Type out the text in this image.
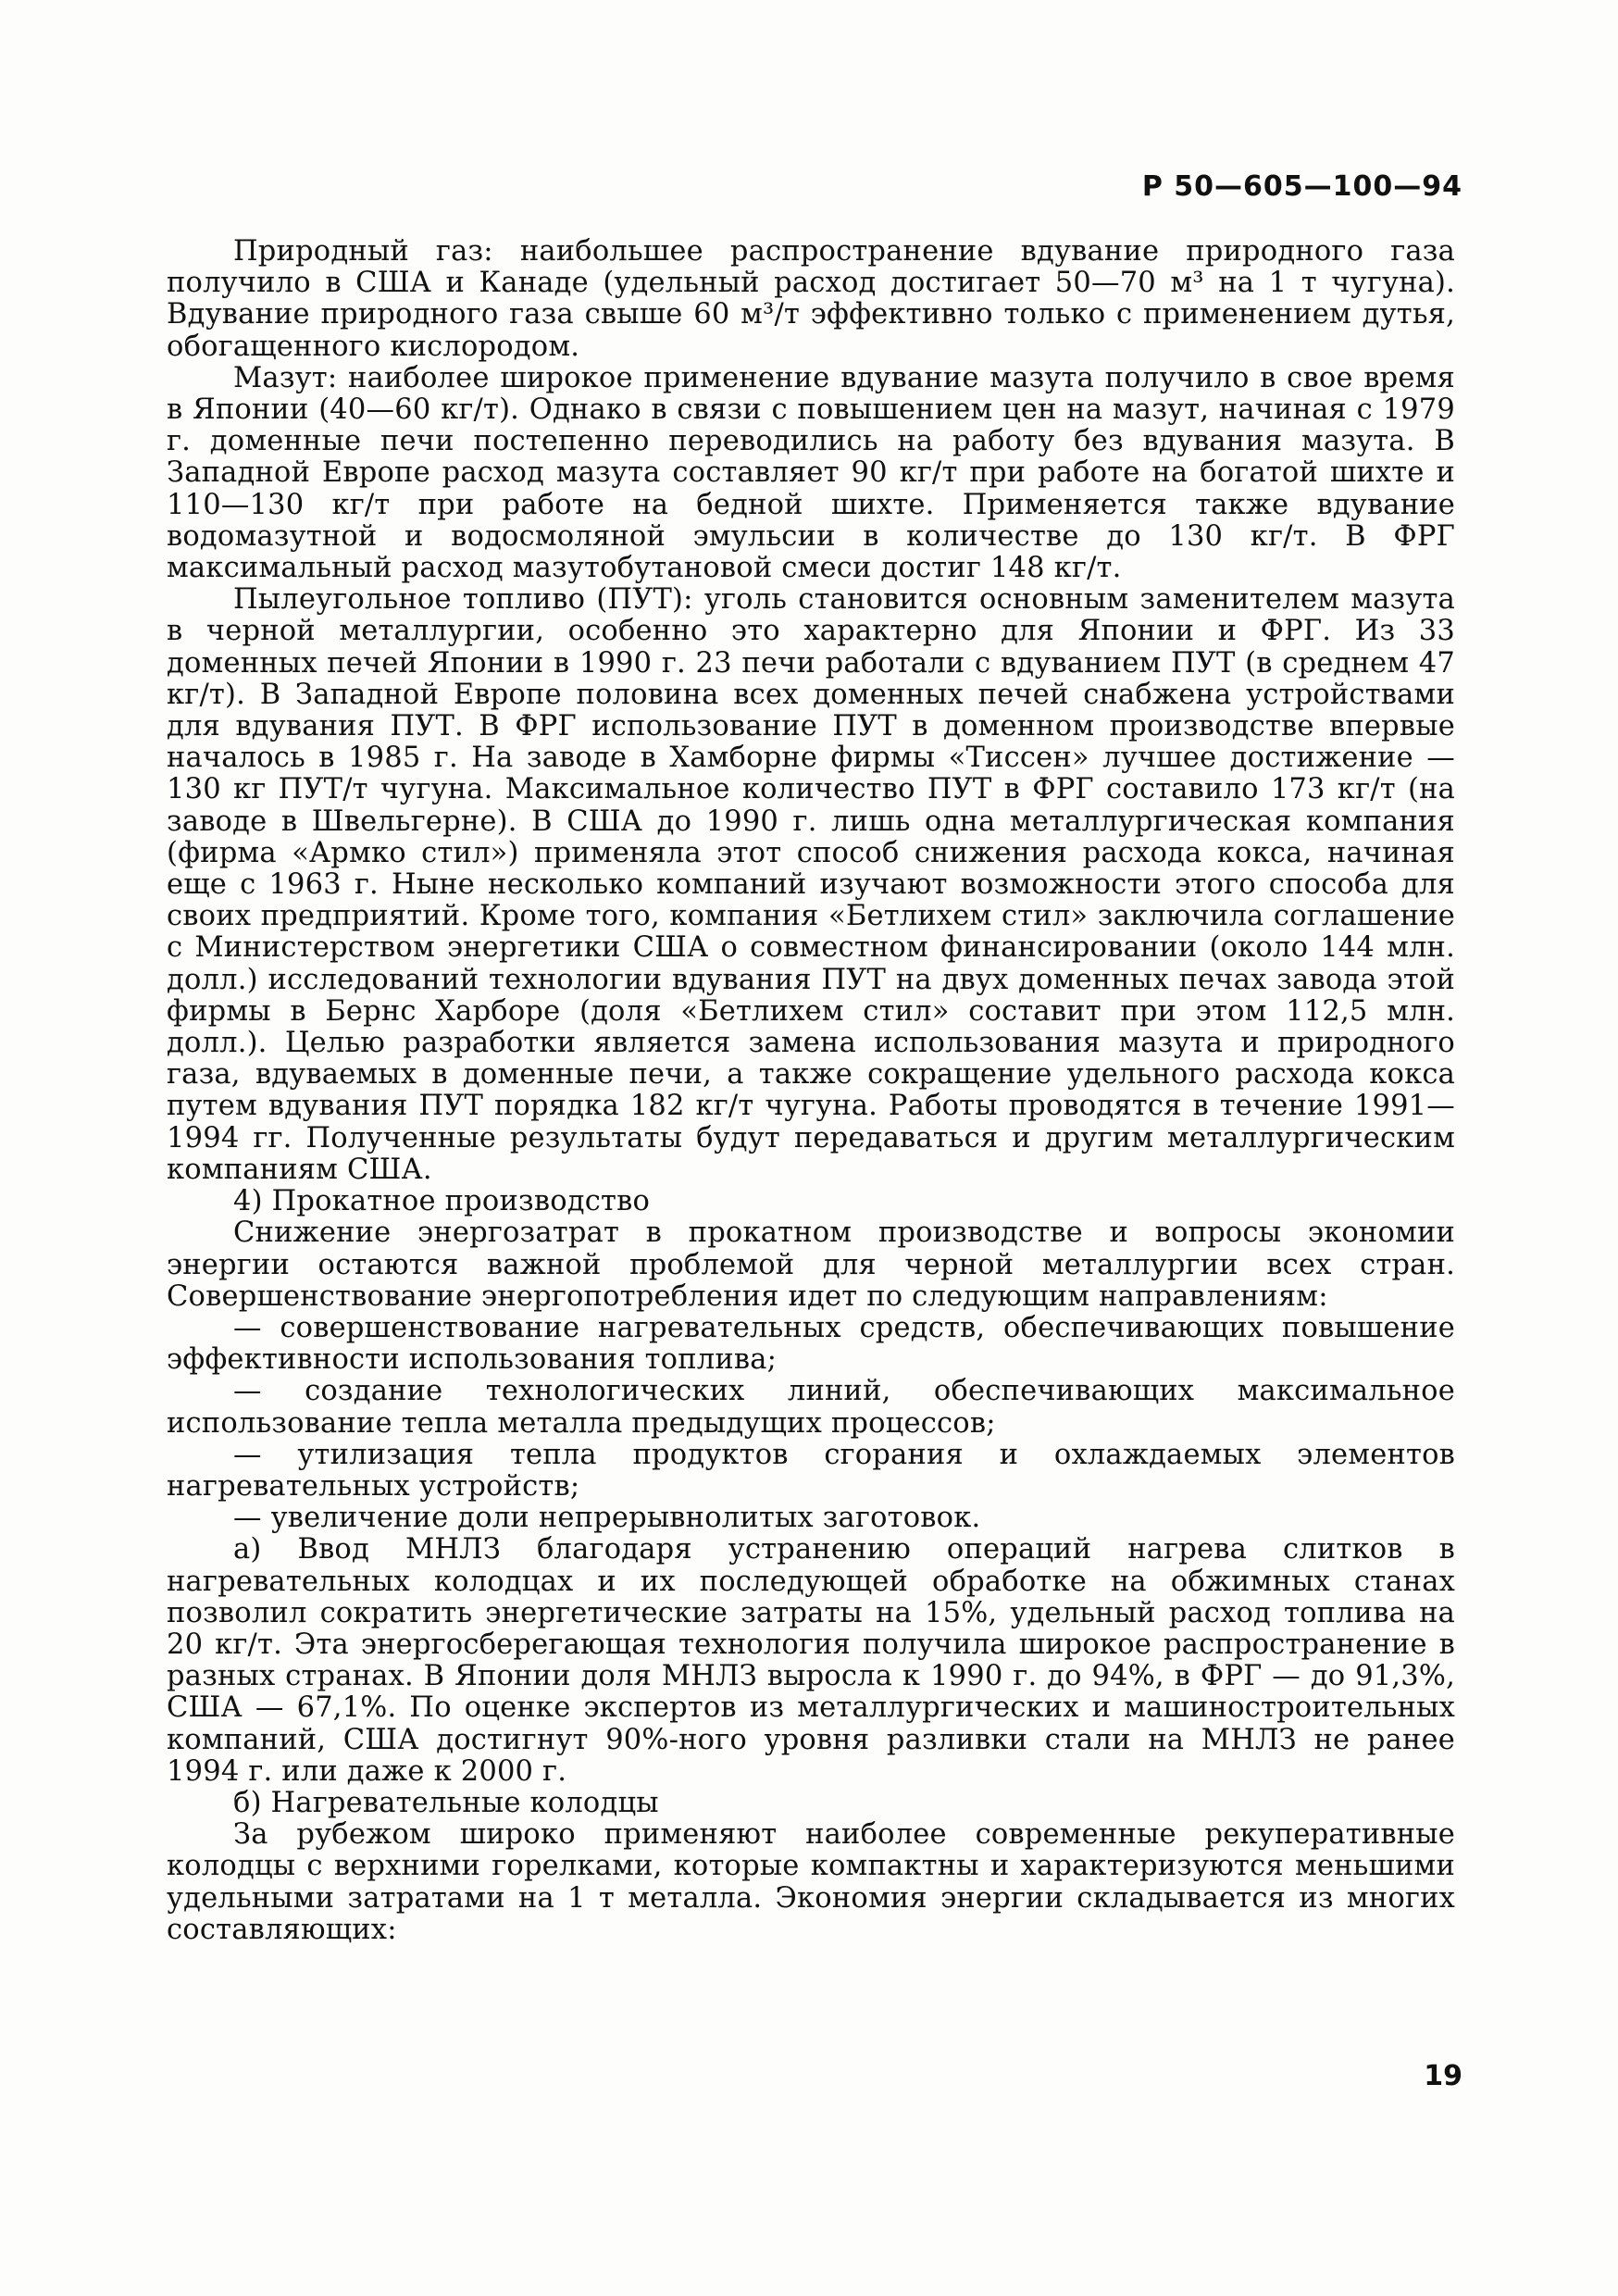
Р 50—605—100—94

Природный газ: наибольшее распространение вдувание природного газа получило в США и Канаде (удельный расход достигает 50—70 м³ на 1 т чугуна). Вдувание природного газа свыше 60 м³/т эффективно только с применением дутья, обогащенного кислородом.

Мазут: наиболее широкое применение вдувание мазута получило в свое время в Японии (40—60 кг/т). Однако в связи с повышением цен на мазут, начиная с 1979 г. доменные печи постепенно переводились на работу без вдувания мазута. В Западной Европе расход мазута составляет 90 кг/т при работе на богатой шихте и 110—130 кг/т при работе на бедной шихте. Применяется также вдувание водомазутной и водосмоляной эмульсии в количестве до 130 кг/т. В ФРГ максимальный расход мазутобутановой смеси достиг 148 кг/т.

Пылеугольное топливо (ПУТ): уголь становится основным заменителем мазута в черной металлургии, особенно это характерно для Японии и ФРГ. Из 33 доменных печей Японии в 1990 г. 23 печи работали с вдуванием ПУТ (в среднем 47 кг/т). В Западной Европе половина всех доменных печей снабжена устройствами для вдувания ПУТ. В ФРГ использование ПУТ в доменном производстве впервые началось в 1985 г. На заводе в Хамборне фирмы «Тиссен» лучшее достижение — 130 кг ПУТ/т чугуна. Максимальное количество ПУТ в ФРГ составило 173 кг/т (на заводе в Швельгерне). В США до 1990 г. лишь одна металлургическая компания (фирма «Армко стил») применяла этот способ снижения расхода кокса, начиная еще с 1963 г. Ныне несколько компаний изучают возможности этого способа для своих предприятий. Кроме того, компания «Бетлихем стил» заключила соглашение с Министерством энергетики США о совместном финансировании (около 144 млн. долл.) исследований технологии вдувания ПУТ на двух доменных печах завода этой фирмы в Бернс Харборе (доля «Бетлихем стил» составит при этом 112,5 млн. долл.). Целью разработки является замена использования мазута и природного газа, вдуваемых в доменные печи, а также сокращение удельного расхода кокса путем вдувания ПУТ порядка 182 кг/т чугуна. Работы проводятся в течение 1991—1994 гг. Полученные результаты будут передаваться и другим металлургическим компаниям США.

4) Прокатное производство

Снижение энергозатрат в прокатном производстве и вопросы экономии энергии остаются важной проблемой для черной металлургии всех стран. Совершенствование энергопотребления идет по следующим направлениям:

— совершенствование нагревательных средств, обеспечивающих повышение эффективности использования топлива;

— создание технологических линий, обеспечивающих максимальное использование тепла металла предыдущих процессов;

— утилизация тепла продуктов сгорания и охлаждаемых элементов нагревательных устройств;

— увеличение доли непрерывнолитых заготовок.

а) Ввод МНЛЗ благодаря устранению операций нагрева слитков в нагревательных колодцах и их последующей обработке на обжимных станах позволил сократить энергетические затраты на 15%, удельный расход топлива на 20 кг/т. Эта энергосберегающая технология получила широкое распространение в разных странах. В Японии доля МНЛЗ выросла к 1990 г. до 94%, в ФРГ — до 91,3%, США — 67,1%. По оценке экспертов из металлургических и машиностроительных компаний, США достигнут 90%-ного уровня разливки стали на МНЛЗ не ранее 1994 г. или даже к 2000 г.

б) Нагревательные колодцы

За рубежом широко применяют наиболее современные рекуперативные колодцы с верхними горелками, которые компактны и характеризуются меньшими удельными затратами на 1 т металла. Экономия энергии складывается из многих составляющих:

19
